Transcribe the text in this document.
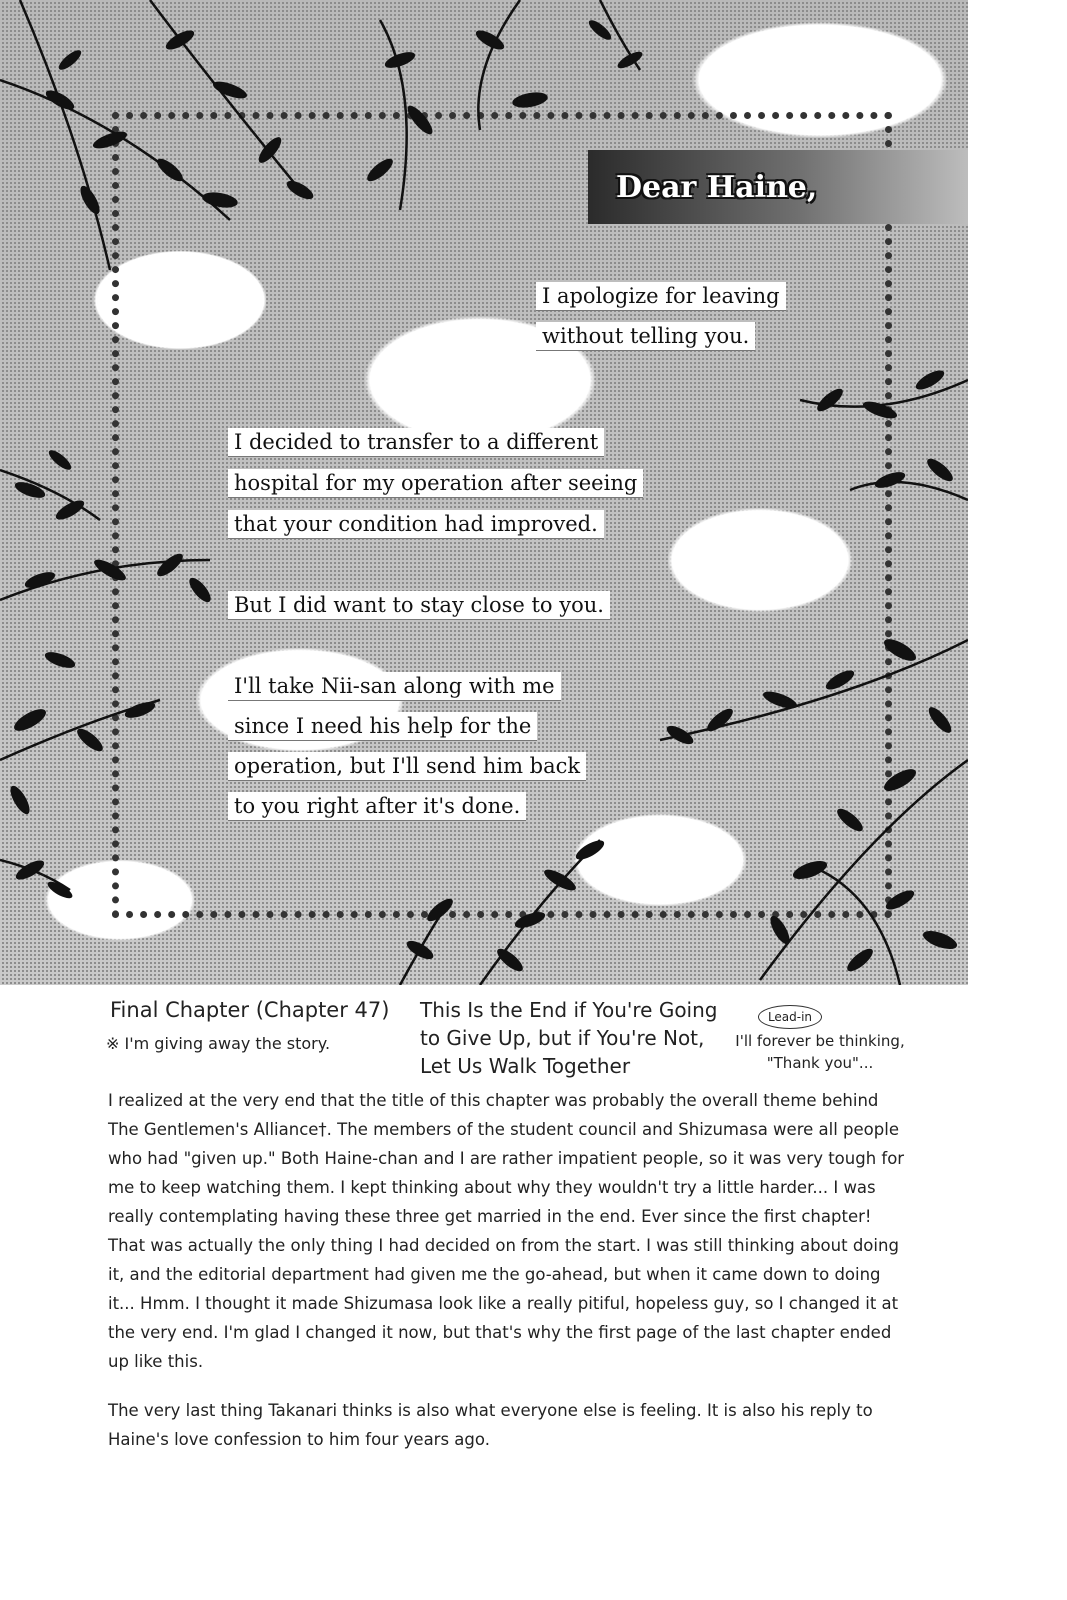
Dear Haine,
I apologize for leaving
without telling you.
I decided to transfer to a different
hospital for my operation after seeing
that your condition had improved.
But I did want to stay close to you.
I'll take Nii-san along with me
since I need his help for the
operation, but I'll send him back
to you right after it's done.
Final Chapter (Chapter 47)
※ I'm giving away the story.
This Is the End if You're Going to Give Up, but if You're Not, Let Us Walk Together
Lead-in
I'll forever be thinking, "Thank you"...

I realized at the very end that the title of this chapter was probably the overall theme behind The Gentlemen's Alliance†. The members of the student council and Shizumasa were all people who had "given up." Both Haine-chan and I are rather impatient people, so it was very tough for me to keep watching them. I kept thinking about why they wouldn't try a little harder... I was really contemplating having these three get married in the end. Ever since the first chapter! That was actually the only thing I had decided on from the start. I was still thinking about doing it, and the editorial department had given me the go-ahead, but when it came down to doing it... Hmm. I thought it made Shizumasa look like a really pitiful, hopeless guy, so I changed it at the very end. I'm glad I changed it now, but that's why the first page of the last chapter ended up like this.

The very last thing Takanari thinks is also what everyone else is feeling. It is also his reply to Haine's love confession to him four years ago.
